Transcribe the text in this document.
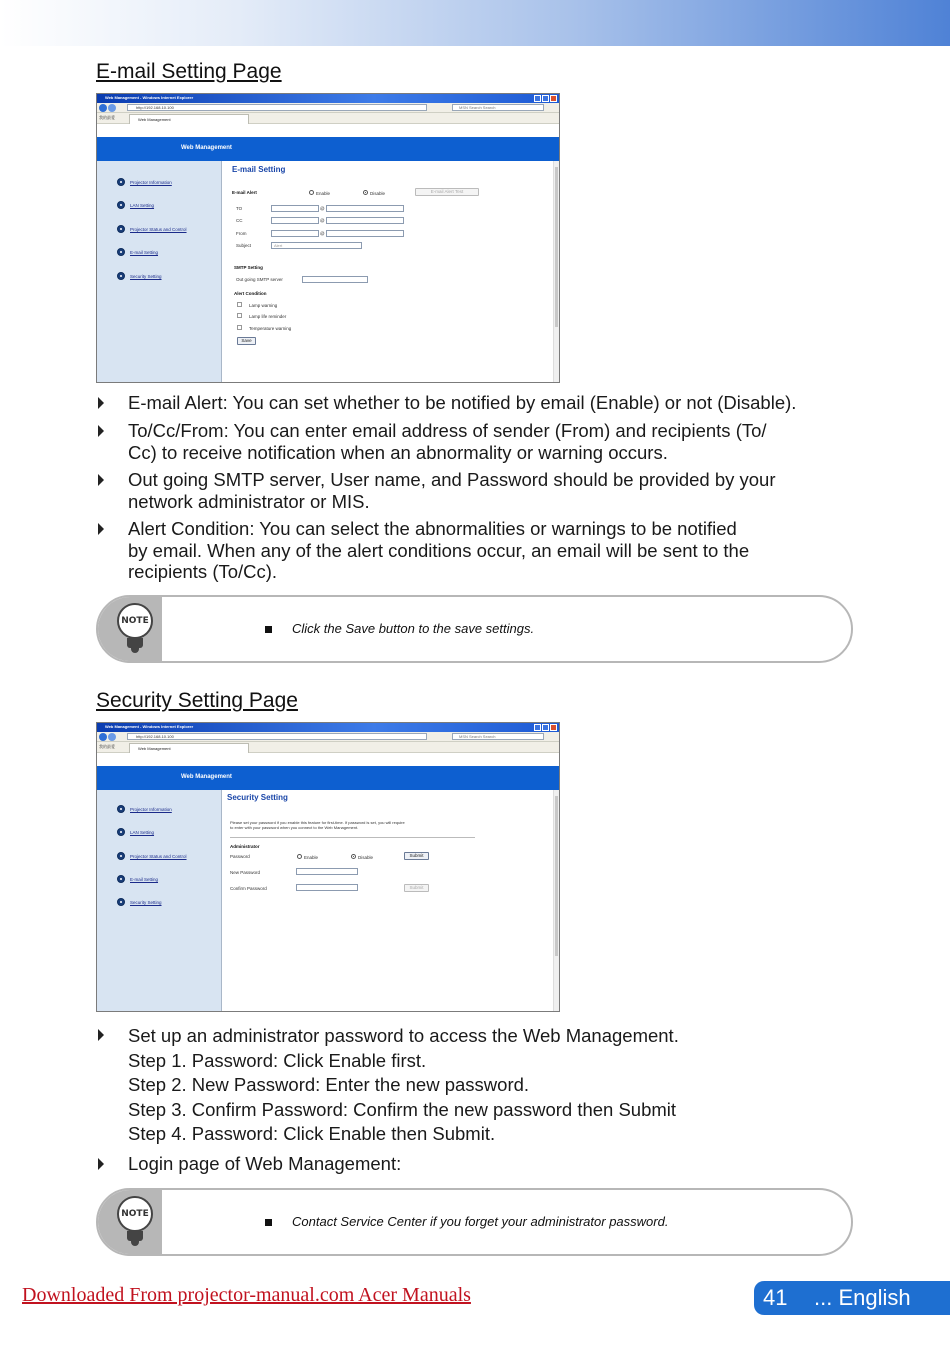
E-mail Setting Page
Web Management - Windows Internet Explorer
http://192.168.10.100	MSN Search Search
我的最愛	Web Management
Web Management
Projector Information
LAN Setting
Projector Status and Control
E-mail Setting
Security Setting
E-mail Setting
E-mail Alert	Enable	Disable	E-mail Alert Test
TO	@
CC	@
From	@
Subject	Alert
SMTP Setting
Out going SMTP server
Alert Condition
Lamp warning
Lamp life reminder
Temperature warning
Save
E-mail Alert: You can set whether to be notified by email (Enable) or not (Disable).
To/Cc/From: You can enter email address of sender (From) and recipients (To/
Cc) to receive notification when an abnormality or warning occurs.
Out going SMTP server, User name, and Password should be provided by your
network administrator or MIS.
Alert Condition: You can select the abnormalities or warnings to be notified
by email. When any of the alert conditions occur, an email will be sent to the
recipients (To/Cc).
NOTE	Click the Save button to the save settings.
Security Setting Page
Web Management - Windows Internet Explorer
http://192.168.10.100	MSN Search Search
我的最愛	Web Management
Web Management
Projector Information
LAN Setting
Projector Status and Control
E-mail Setting
Security Setting
Security Setting
Please set your password if you enable this feature for first-time. If password is set, you will require
to enter with your password when you connect to the Web Management.
Administrator
Password	Enable	Disable	Submit
New Password
Confirm Password	Submit
Set up an administrator password to access the Web Management.
Step 1. Password: Click Enable first.
Step 2. New Password: Enter the new password.
Step 3. Confirm Password: Confirm the new password then Submit
Step 4. Password: Click Enable then Submit.
Login page of Web Management:
NOTE	Contact Service Center if you forget your administrator password.
Downloaded From projector-manual.com Acer Manuals	41 ... English
